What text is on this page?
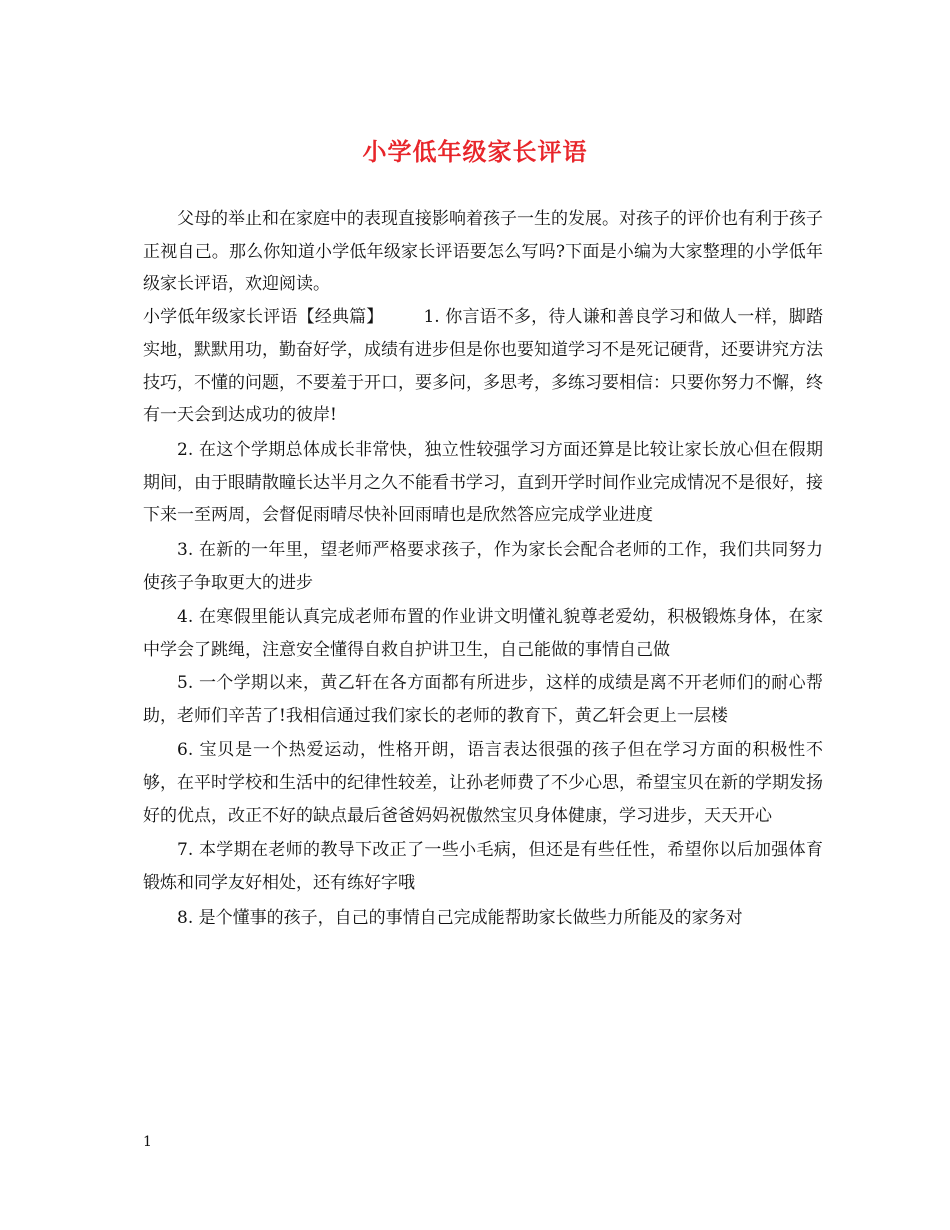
小学低年级家长评语

父母的举止和在家庭中的表现直接影响着孩子一生的发展。对孩子的评价也有利于孩子正视自己。那么你知道小学低年级家长评语要怎么写吗?下面是小编为大家整理的小学低年级家长评语，欢迎阅读。

小学低年级家长评语【经典篇】 1. 你言语不多，待人谦和善良学习和做人一样，脚踏实地，默默用功，勤奋好学，成绩有进步但是你也要知道学习不是死记硬背，还要讲究方法技巧，不懂的问题，不要羞于开口，要多问，多思考，多练习要相信：只要你努力不懈，终有一天会到达成功的彼岸!

2. 在这个学期总体成长非常快，独立性较强学习方面还算是比较让家长放心但在假期期间，由于眼睛散瞳长达半月之久不能看书学习，直到开学时间作业完成情况不是很好，接下来一至两周，会督促雨晴尽快补回雨晴也是欣然答应完成学业进度

3. 在新的一年里，望老师严格要求孩子，作为家长会配合老师的工作，我们共同努力使孩子争取更大的进步

4. 在寒假里能认真完成老师布置的作业讲文明懂礼貌尊老爱幼，积极锻炼身体，在家中学会了跳绳，注意安全懂得自救自护讲卫生，自己能做的事情自己做

5. 一个学期以来，黄乙轩在各方面都有所进步，这样的成绩是离不开老师们的耐心帮助，老师们辛苦了!我相信通过我们家长的老师的教育下，黄乙轩会更上一层楼

6. 宝贝是一个热爱运动，性格开朗，语言表达很强的孩子但在学习方面的积极性不够，在平时学校和生活中的纪律性较差，让孙老师费了不少心思，希望宝贝在新的学期发扬好的优点，改正不好的缺点最后爸爸妈妈祝傲然宝贝身体健康，学习进步，天天开心

7. 本学期在老师的教导下改正了一些小毛病，但还是有些任性，希望你以后加强体育锻炼和同学友好相处，还有练好字哦

8. 是个懂事的孩子，自己的事情自己完成能帮助家长做些力所能及的家务对

1
